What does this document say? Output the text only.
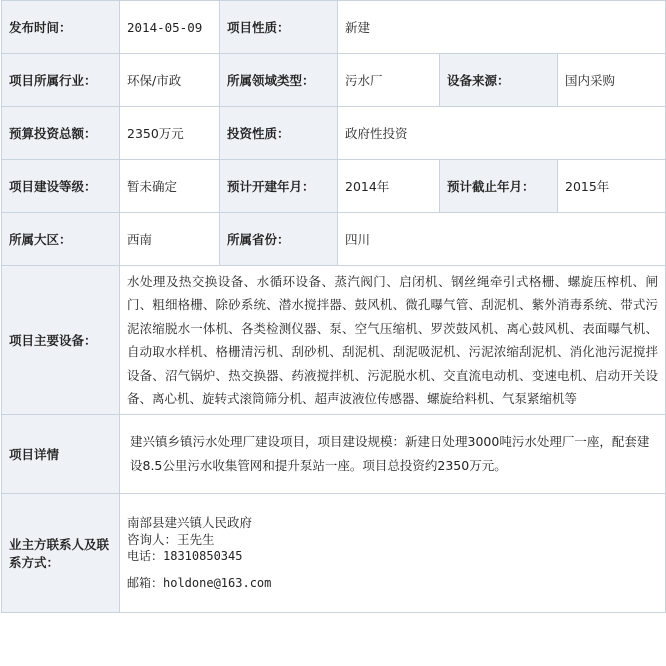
发布时间：	2014-05-09	项目性质：	新建		
项目所属行业：	环保/市政	所属领域类型：	污水厂	设备来源：	国内采购
预算投资总额：	2350万元	投资性质：	政府性投资		
项目建设等级：	暂未确定	预计开建年月：	2014年	预计截止年月：	2015年
所属大区：	西南	所属省份：	四川		
项目主要设备：	水处理及热交换设备、水循环设备、蒸汽阀门、启闭机、钢丝绳牵引式格栅、螺旋压榨机、闸门、粗细格栅、除砂系统、潜水搅拌器、鼓风机、微孔曝气管、刮泥机、紫外消毒系统、带式污泥浓缩脱水一体机、各类检测仪器、泵、空气压缩机、罗茨鼓风机、离心鼓风机、表面曝气机、自动取水样机、格栅清污机、刮砂机、刮泥机、刮泥吸泥机、污泥浓缩刮泥机、消化池污泥搅拌设备、沼气锅炉、热交换器、药液搅拌机、污泥脱水机、交直流电动机、变速电机、启动开关设备、离心机、旋转式滚筒筛分机、超声波液位传感器、螺旋给料机、气泵紧缩机等				

项目详情	建兴镇乡镇污水处理厂建设项目，项目建设规模：新建日处理3000吨污水处理厂一座，配套建设8.5公里污水收集管网和提升泵站一座。项目总投资约2350万元。				

业主方联系人及联系方式：	南部县建兴镇人民政府
咨询人：王先生
电话：18310850345
邮箱：holdone@163.com				
